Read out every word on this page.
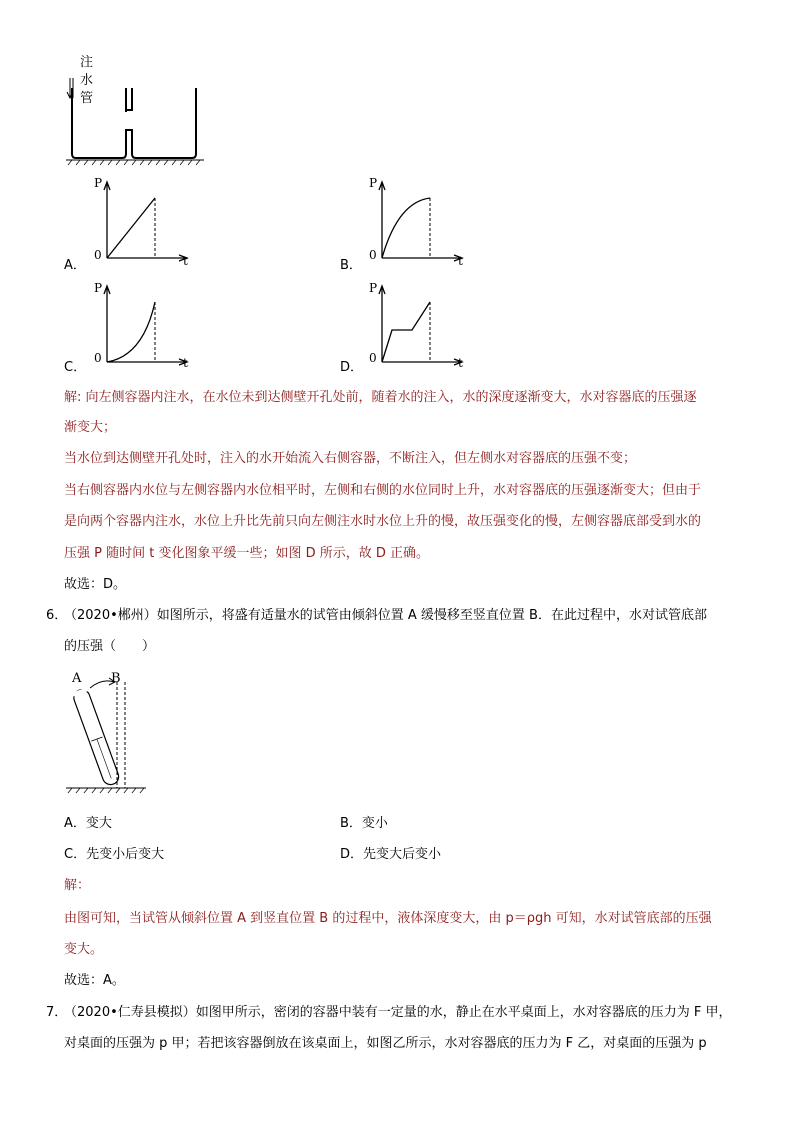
注
水
管
P
0	t
A．
P
0	t
B．
P
0	t
C．
P
0	t
D．
解: 向左侧容器内注水，在水位未到达侧壁开孔处前，随着水的注入，水的深度逐渐变大，水对容器底的压强逐
渐变大；
当水位到达侧壁开孔处时，注入的水开始流入右侧容器，不断注入，但左侧水对容器底的压强不变；
当右侧容器内水位与左侧容器内水位相平时，左侧和右侧的水位同时上升，水对容器底的压强逐渐变大；但由于
是向两个容器内注水，水位上升比先前只向左侧注水时水位上升的慢，故压强变化的慢，左侧容器底部受到水的
压强 P 随时间 t 变化图象平缓一些；如图 D 所示，故 D 正确。
故选：D。
6．
（2020•郴州）如图所示，将盛有适量水的试管由倾斜位置 A 缓慢移至竖直位置 B．在此过程中，水对试管底部
的压强（　　）
A B
A．变大	B．变小
C．先变小后变大	D．先变大后变小
解：
由图可知，当试管从倾斜位置 A 到竖直位置 B 的过程中，液体深度变大，由 p＝ρgh 可知，水对试管底部的压强
变大。
故选：A。
7．
（2020•仁寿县模拟）如图甲所示，密闭的容器中装有一定量的水，静止在水平桌面上，水对容器底的压力为 F 甲，
对桌面的压强为 p 甲；若把该容器倒放在该桌面上，如图乙所示，水对容器底的压力为 F 乙，对桌面的压强为 p
